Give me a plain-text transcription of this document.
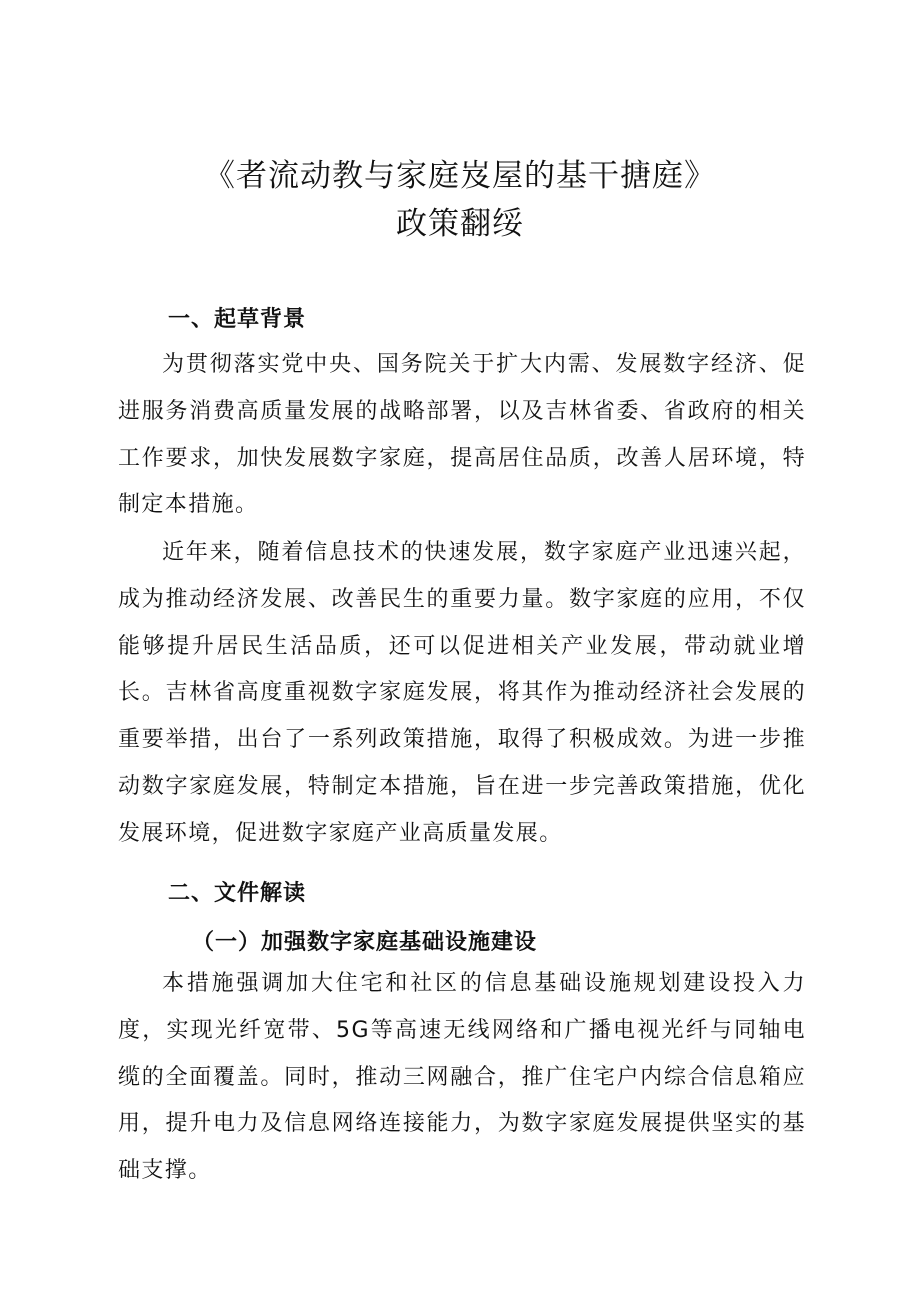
《者流动教与家庭岌屋的基干搪庭》
政策翻绥
一、起草背景
为贯彻落实党中央、国务院关于扩大内需、发展数字经济、促进服务消费高质量发展的战略部署，以及吉林省委、省政府的相关工作要求，加快发展数字家庭，提高居住品质，改善人居环境，特制定本措施。
近年来，随着信息技术的快速发展，数字家庭产业迅速兴起，成为推动经济发展、改善民生的重要力量。数字家庭的应用，不仅能够提升居民生活品质，还可以促进相关产业发展，带动就业增长。吉林省高度重视数字家庭发展，将其作为推动经济社会发展的重要举措，出台了一系列政策措施，取得了积极成效。为进一步推动数字家庭发展，特制定本措施，旨在进一步完善政策措施，优化发展环境，促进数字家庭产业高质量发展。
二、文件解读
（一）加强数字家庭基础设施建设
本措施强调加大住宅和社区的信息基础设施规划建设投入力度，实现光纤宽带、5G等高速无线网络和广播电视光纤与同轴电缆的全面覆盖。同时，推动三网融合，推广住宅户内综合信息箱应用，提升电力及信息网络连接能力，为数字家庭发展提供坚实的基础支撑。
